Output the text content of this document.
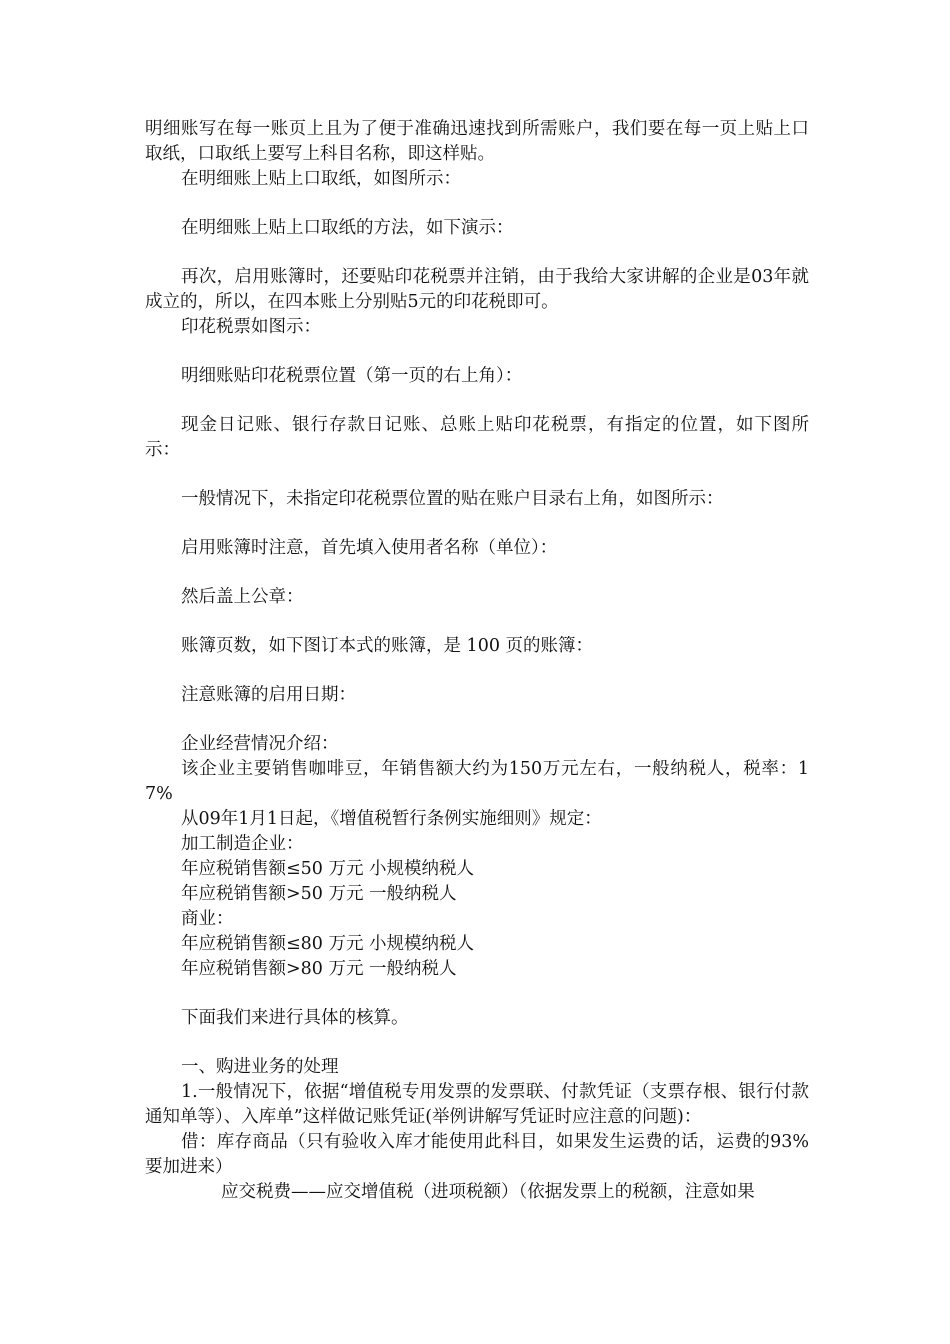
明细账写在每一账页上且为了便于准确迅速找到所需账户，我们要在每一页上贴上口取纸，口取纸上要写上科目名称，即这样贴。

在明细账上贴上口取纸，如图所示：

在明细账上贴上口取纸的方法，如下演示：

再次，启用账簿时，还要贴印花税票并注销，由于我给大家讲解的企业是03年就成立的，所以，在四本账上分别贴5元的印花税即可。

印花税票如图示：

明细账贴印花税票位置（第一页的右上角）：

现金日记账、银行存款日记账、总账上贴印花税票，有指定的位置，如下图所示：

一般情况下，未指定印花税票位置的贴在账户目录右上角，如图所示：

启用账簿时注意，首先填入使用者名称（单位）：

然后盖上公章：

账簿页数，如下图订本式的账簿，是 100 页的账簿：

注意账簿的启用日期：

企业经营情况介绍：

该企业主要销售咖啡豆，年销售额大约为150万元左右，一般纳税人，税率：17%

从09年1月1日起，《增值税暂行条例实施细则》规定：

加工制造企业：

年应税销售额≤50 万元 小规模纳税人

年应税销售额>50 万元 一般纳税人

商业：

年应税销售额≤80 万元 小规模纳税人

年应税销售额>80 万元 一般纳税人

下面我们来进行具体的核算。

一、购进业务的处理

1.一般情况下，依据“增值税专用发票的发票联、付款凭证（支票存根、银行付款通知单等）、入库单”这样做记账凭证(举例讲解写凭证时应注意的问题)：

借：库存商品（只有验收入库才能使用此科目，如果发生运费的话，运费的93%要加进来）

应交税费——应交增值税（进项税额）（依据发票上的税额，注意如果
